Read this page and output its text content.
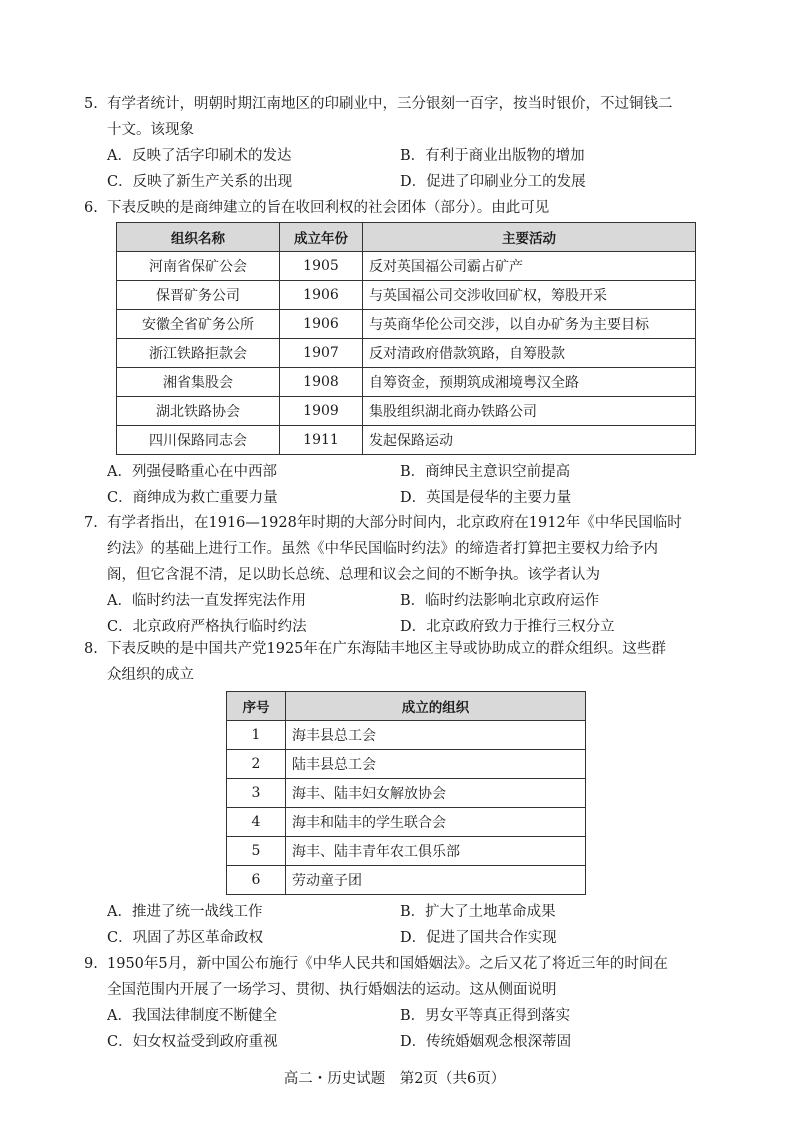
5. 有学者统计，明朝时期江南地区的印刷业中，三分银刻一百字，按当时银价，不过铜钱二
十文。该现象
A．反映了活字印刷术的发达	B．有利于商业出版物的增加
C．反映了新生产关系的出现	D．促进了印刷业分工的发展
6. 下表反映的是商绅建立的旨在收回利权的社会团体（部分）。由此可见
组织名称	成立年份	主要活动
河南省保矿公会	1905	反对英国福公司霸占矿产
保晋矿务公司	1906	与英国福公司交涉收回矿权，筹股开采
安徽全省矿务公所	1906	与英商华伦公司交涉，以自办矿务为主要目标
浙江铁路拒款会	1907	反对清政府借款筑路，自筹股款
湘省集股会	1908	自筹资金，预期筑成湘境粤汉全路
湖北铁路协会	1909	集股组织湖北商办铁路公司
四川保路同志会	1911	发起保路运动
A．列强侵略重心在中西部	B．商绅民主意识空前提高
C．商绅成为救亡重要力量	D．英国是侵华的主要力量
7. 有学者指出，在1916—1928年时期的大部分时间内，北京政府在1912年《中华民国临时
约法》的基础上进行工作。虽然《中华民国临时约法》的缔造者打算把主要权力给予内
阁，但它含混不清，足以助长总统、总理和议会之间的不断争执。该学者认为
A．临时约法一直发挥宪法作用	B．临时约法影响北京政府运作
C．北京政府严格执行临时约法	D．北京政府致力于推行三权分立
8. 下表反映的是中国共产党1925年在广东海陆丰地区主导或协助成立的群众组织。这些群
众组织的成立
序号	成立的组织
1	海丰县总工会
2	陆丰县总工会
3	海丰、陆丰妇女解放协会
4	海丰和陆丰的学生联合会
5	海丰、陆丰青年农工俱乐部
6	劳动童子团
A．推进了统一战线工作	B．扩大了土地革命成果
C．巩固了苏区革命政权	D．促进了国共合作实现
9. 1950年5月，新中国公布施行《中华人民共和国婚姻法》。之后又花了将近三年的时间在
全国范围内开展了一场学习、贯彻、执行婚姻法的运动。这从侧面说明
A．我国法律制度不断健全	B．男女平等真正得到落实
C．妇女权益受到政府重视	D．传统婚姻观念根深蒂固
高二・历史试题　第2页（共6页）
